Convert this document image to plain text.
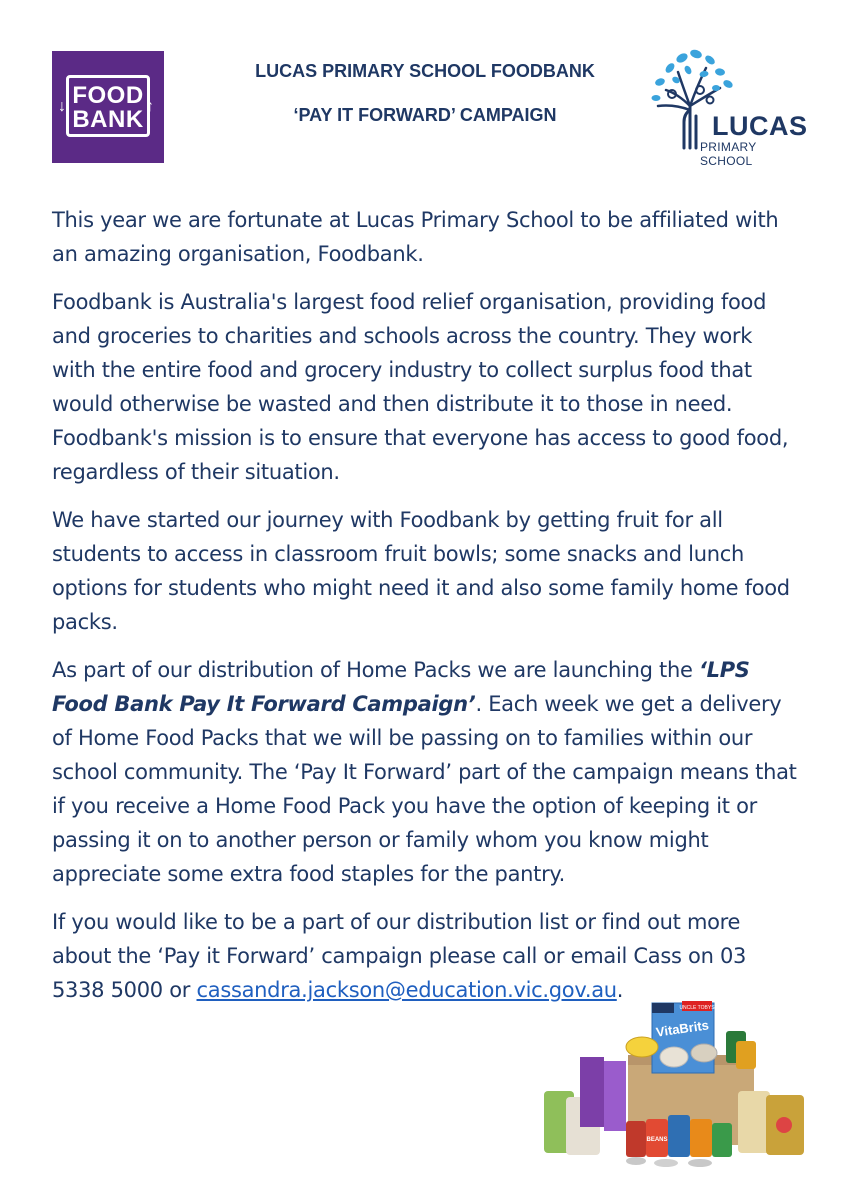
↓	↑
FOOD
BANK
LUCAS PRIMARY SCHOOL FOODBANK
‘PAY IT FORWARD’ CAMPAIGN	LUCAS
PRIMARY SCHOOL

This year we are fortunate at Lucas Primary School to be affiliated with an amazing organisation, Foodbank.

Foodbank is Australia's largest food relief organisation, providing food and groceries to charities and schools across the country. They work with the entire food and grocery industry to collect surplus food that would otherwise be wasted and then distribute it to those in need. Foodbank's mission is to ensure that everyone has access to good food, regardless of their situation.

We have started our journey with Foodbank by getting fruit for all students to access in classroom fruit bowls; some snacks and lunch options for students who might need it and also some family home food packs.

As part of our distribution of Home Packs we are launching the ‘LPS Food Bank Pay It Forward Campaign’. Each week we get a delivery of Home Food Packs that we will be passing on to families within our school community. The ‘Pay It Forward’ part of the campaign means that if you receive a Home Food Pack you have the option of keeping it or passing it on to another person or family whom you know might appreciate some extra food staples for the pantry.

If you would like to be a part of our distribution list or find out more about the ‘Pay it Forward’ campaign please call or email Cass on 03 5338 5000 or cassandra.jackson@education.vic.gov.au.

UNCLE TOBYS
VitaBrits
BEANS
